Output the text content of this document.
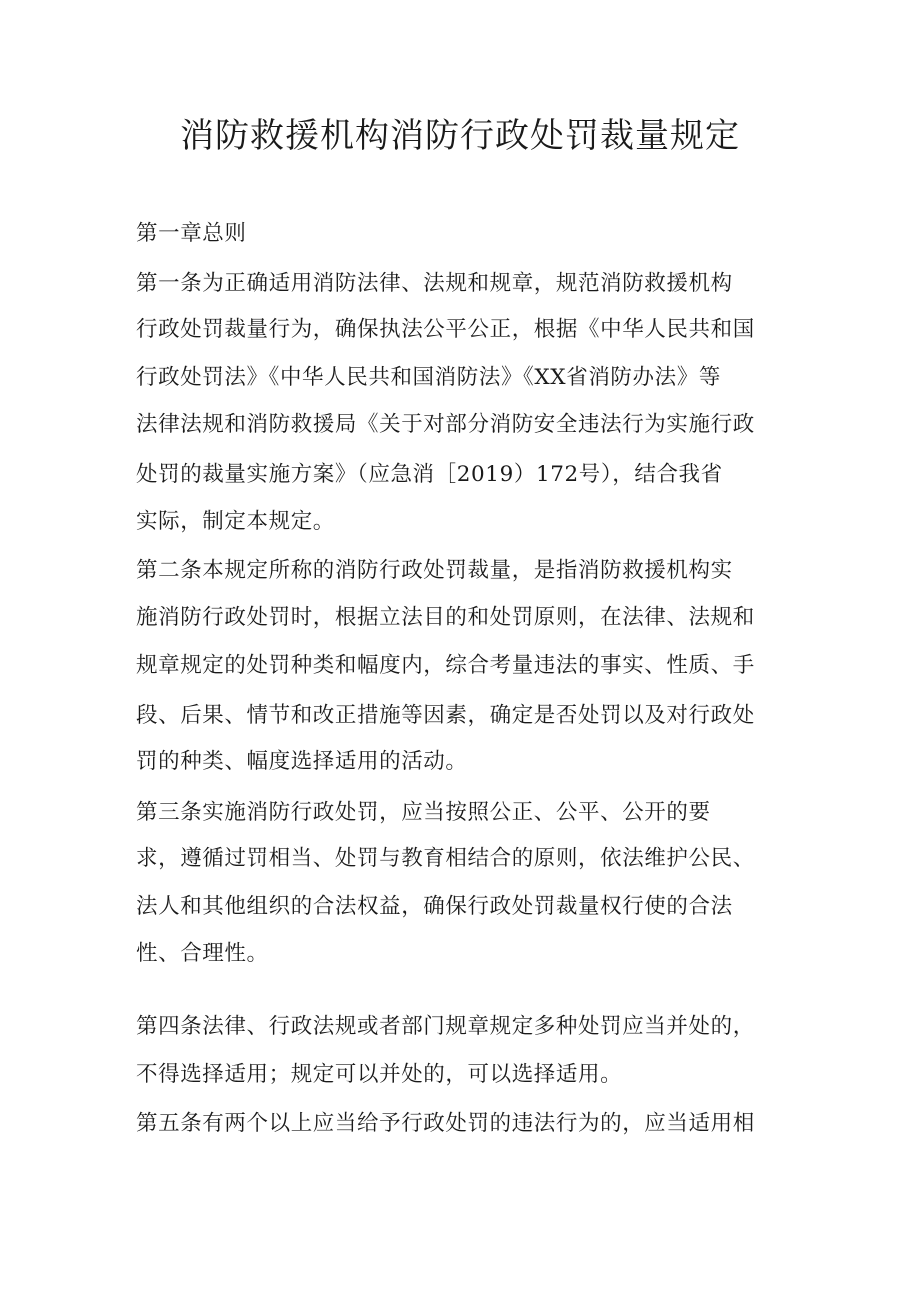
消防救援机构消防行政处罚裁量规定
第一章总则
第一条为正确适用消防法律、法规和规章，规范消防救援机构
行政处罚裁量行为，确保执法公平公正，根据《中华人民共和国
行政处罚法》《中华人民共和国消防法》《XX省消防办法》等
法律法规和消防救援局《关于对部分消防安全违法行为实施行政
处罚的裁量实施方案》（应急消［2019）172号），结合我省
实际，制定本规定。
第二条本规定所称的消防行政处罚裁量，是指消防救援机构实
施消防行政处罚时，根据立法目的和处罚原则，在法律、法规和
规章规定的处罚种类和幅度内，综合考量违法的事实、性质、手
段、后果、情节和改正措施等因素，确定是否处罚以及对行政处
罚的种类、幅度选择适用的活动。
第三条实施消防行政处罚，应当按照公正、公平、公开的要
求，遵循过罚相当、处罚与教育相结合的原则，依法维护公民、
法人和其他组织的合法权益，确保行政处罚裁量权行使的合法
性、合理性。
第四条法律、行政法规或者部门规章规定多种处罚应当并处的，
不得选择适用；规定可以并处的，可以选择适用。
第五条有两个以上应当给予行政处罚的违法行为的，应当适用相
